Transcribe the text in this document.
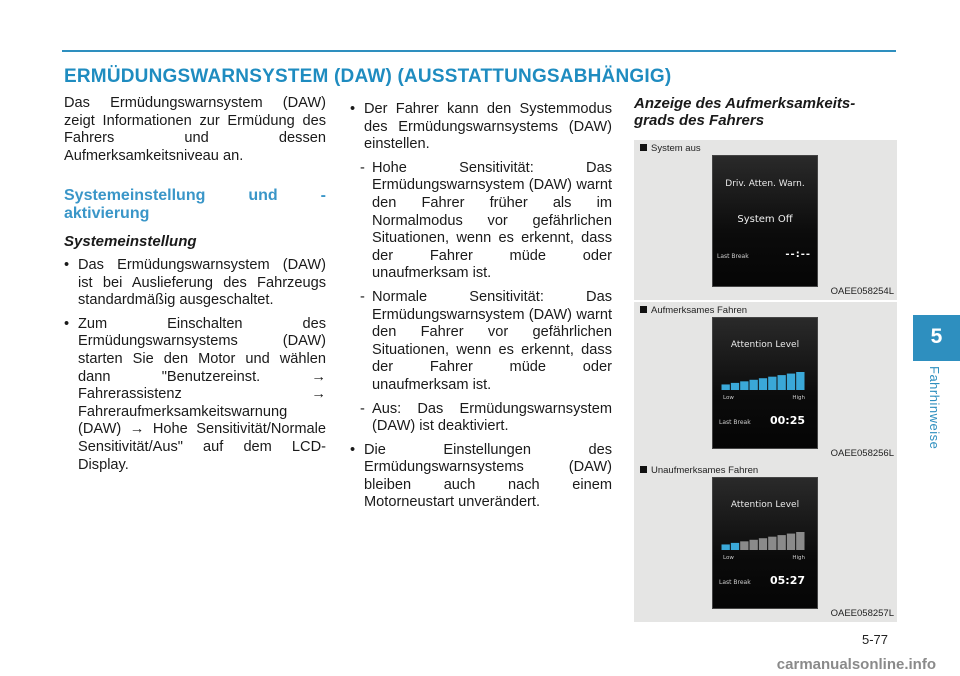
ERMÜDUNGSWARNSYSTEM (DAW) (AUSSTATTUNGSABHÄNGIG)

Das Ermüdungswarnsystem (DAW) zeigt Informationen zur Ermüdung des Fahrers und dessen Aufmerksamkeitsniveau an.

Systemeinstellung und -aktivierung

Systemeinstellung

• Das Ermüdungswarnsystem (DAW) ist bei Auslieferung des Fahrzeugs standardmäßig ausgeschaltet.

• Zum Einschalten des Ermüdungswarnsystems (DAW) starten Sie den Motor und wählen dann "Benutzereinst. → Fahrerassistenz → Fahreraufmerksamkeitswarnung (DAW) → Hohe Sensitivität/Normale Sensitivität/Aus" auf dem LCD-Display.

• Der Fahrer kann den Systemmodus des Ermüdungswarnsystems (DAW) einstellen.

- Hohe Sensitivität: Das Ermüdungswarnsystem (DAW) warnt den Fahrer früher als im Normalmodus vor gefährlichen Situationen, wenn es erkennt, dass der Fahrer müde oder unaufmerksam ist.

- Normale Sensitivität: Das Ermüdungswarnsystem (DAW) warnt den Fahrer vor gefährlichen Situationen, wenn es erkennt, dass der Fahrer müde oder unaufmerksam ist.

- Aus: Das Ermüdungswarnsystem (DAW) ist deaktiviert.

• Die Einstellungen des Ermüdungswarnsystems (DAW) bleiben auch nach einem Motorneustart unverändert.

Anzeige des Aufmerksamkeits-grads des Fahrers
System aus
Driv. Atten. Warn.
System Off
Last Break	--:--
OAEE058254L
Aufmerksames Fahren
Attention Level
Low	High
Last Break 00:25
OAEE058256L
Unaufmerksames Fahren
Attention Level
Low	High
Last Break 05:27
OAEE058257L
5
Fahrhinweise
5-77
carmanualsonline.info
